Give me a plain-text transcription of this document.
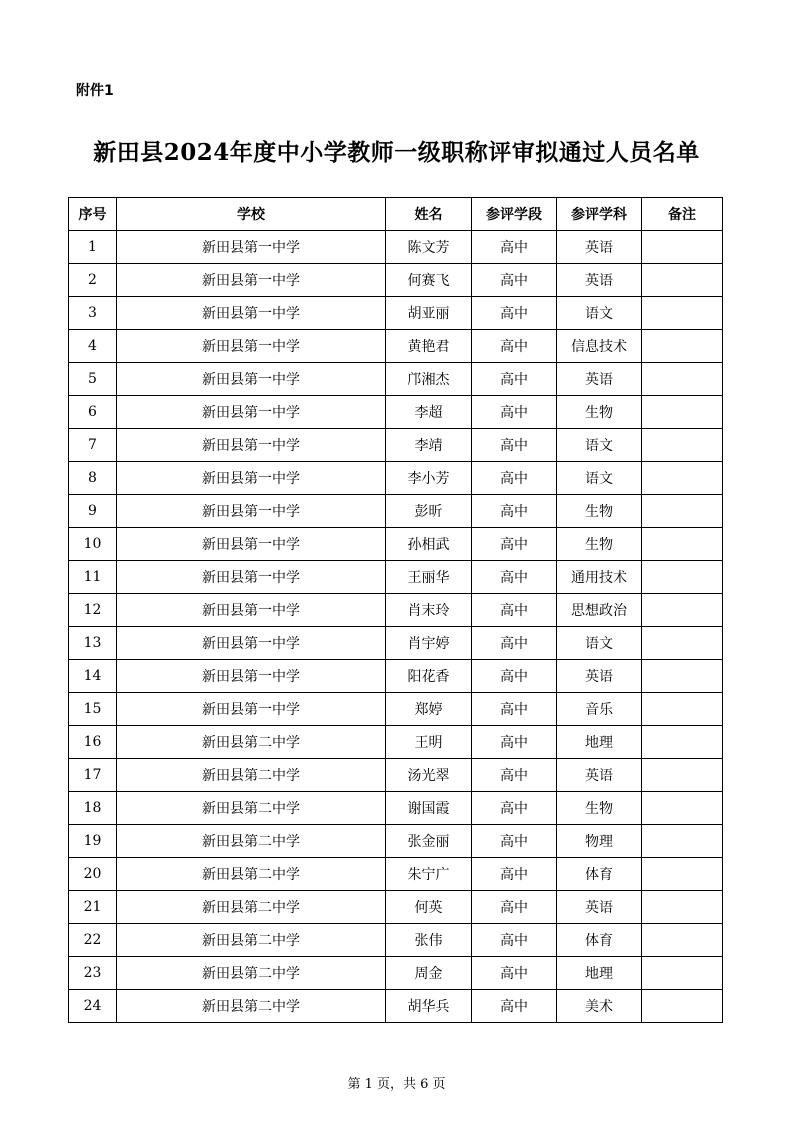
附件1
新田县2024年度中小学教师一级职称评审拟通过人员名单
序号	学校	姓名	参评学段	参评学科	备注
1	新田县第一中学	陈文芳	高中	英语	
2	新田县第一中学	何赛飞	高中	英语	
3	新田县第一中学	胡亚丽	高中	语文	
4	新田县第一中学	黄艳君	高中	信息技术	
5	新田县第一中学	邝湘杰	高中	英语	
6	新田县第一中学	李超	高中	生物	
7	新田县第一中学	李靖	高中	语文	
8	新田县第一中学	李小芳	高中	语文	
9	新田县第一中学	彭昕	高中	生物	
10	新田县第一中学	孙相武	高中	生物	
11	新田县第一中学	王丽华	高中	通用技术	
12	新田县第一中学	肖末玲	高中	思想政治	
13	新田县第一中学	肖宇婷	高中	语文	
14	新田县第一中学	阳花香	高中	英语	
15	新田县第一中学	郑婷	高中	音乐	
16	新田县第二中学	王明	高中	地理	
17	新田县第二中学	汤光翠	高中	英语	
18	新田县第二中学	谢国霞	高中	生物	
19	新田县第二中学	张金丽	高中	物理	
20	新田县第二中学	朱宁广	高中	体育	
21	新田县第二中学	何英	高中	英语	
22	新田县第二中学	张伟	高中	体育	
23	新田县第二中学	周金	高中	地理	
24	新田县第二中学	胡华兵	高中	美术	
第 1 页，共 6 页
